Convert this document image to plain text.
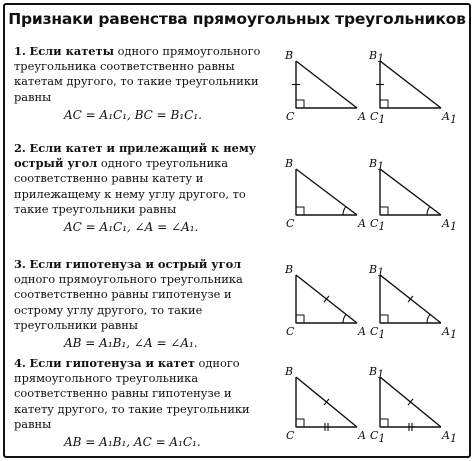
Признаки равенства прямоугольных треугольников
1. Если катеты одного прямоугольного треугольника соответственно равны катетам другого, то такие треугольники равны
AC = A₁C₁, BC = B₁C₁.
2. Если катет и прилежащий к нему острый угол одного треугольника соответственно равны катету и прилежащему к нему углу другого, то такие треугольники равны
AC = A₁C₁, ∠A = ∠A₁.
3. Если гипотенуза и острый угол одного прямоугольного треугольника соответственно равны гипотенузе и острому углу другого, то такие треугольники равны
AB = A₁B₁, ∠A = ∠A₁.
4. Если гипотенуза и катет одного прямоугольного треугольника соответственно равны гипотенузе и катету другого, то такие треугольники равны
AB = A₁B₁, AC = A₁C₁.
B
C	A
B1
C1	A1
B
C	A
B1
C1	A1
B
C	A
B1
C1	A1
B
C	A
B1
C1	A1
